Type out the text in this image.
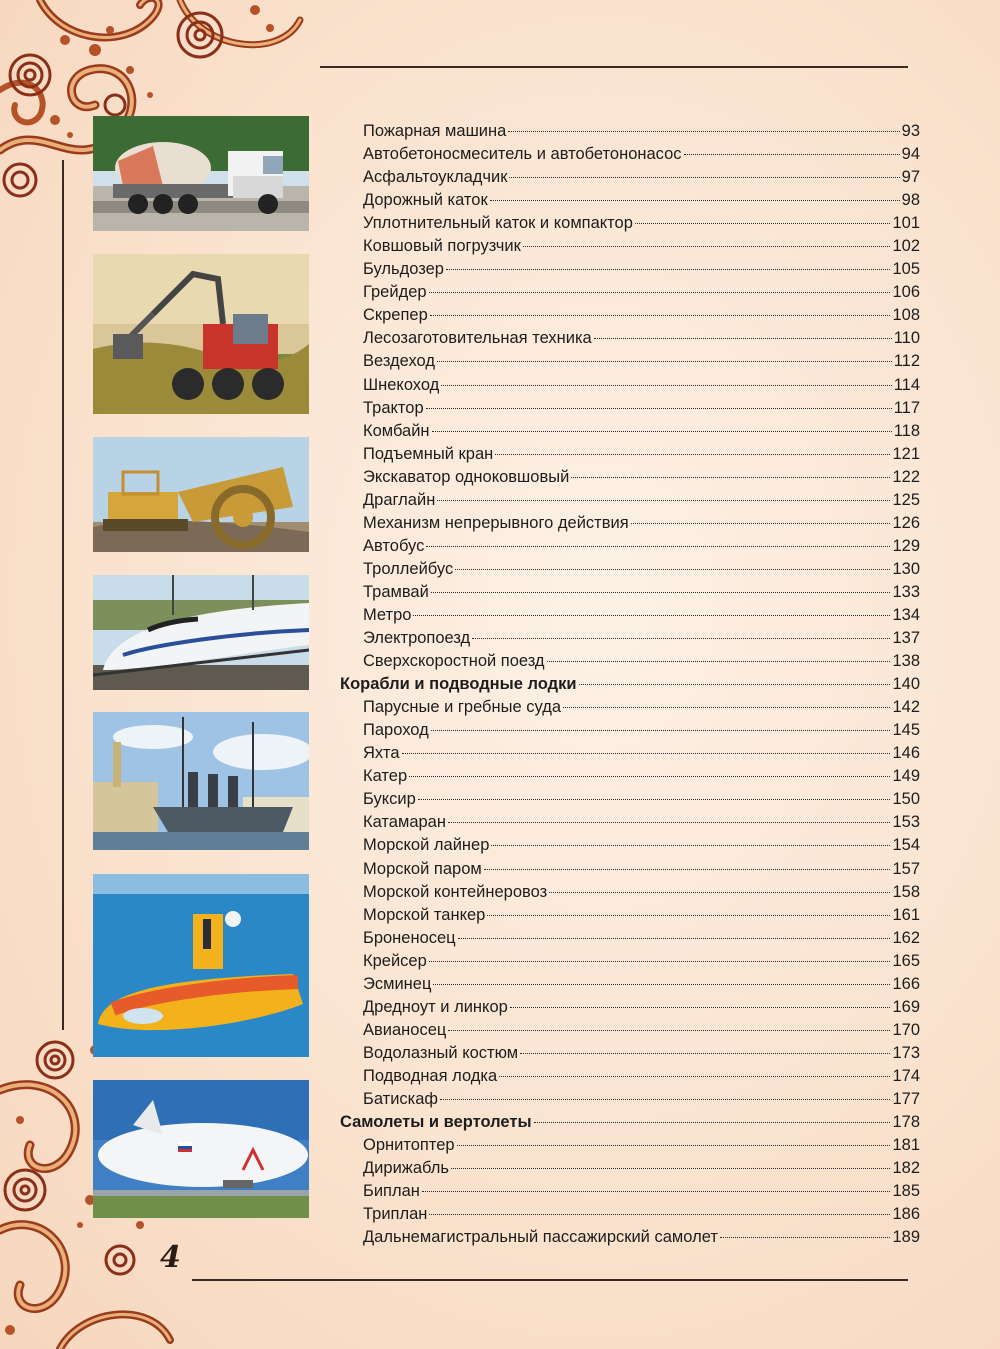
4
Пожарная машина	93
Автобетоносмеситель и автобетононасос	94
Асфальтоукладчик	97
Дорожный каток	98
Уплотнительный каток и компактор	101
Ковшовый погрузчик	102
Бульдозер	105
Грейдер	106
Скрепер	108
Лесозаготовительная техника	110
Вездеход	112
Шнекоход	114
Трактор	117
Комбайн	118
Подъемный кран	121
Экскаватор одноковшовый	122
Драглайн	125
Механизм непрерывного действия	126
Автобус	129
Троллейбус	130
Трамвай	133
Метро	134
Электропоезд	137
Сверхскоростной поезд	138
Корабли и подводные лодки	140
Парусные и гребные суда	142
Пароход	145
Яхта	146
Катер	149
Буксир	150
Катамаран	153
Морской лайнер	154
Морской паром	157
Морской контейнеровоз	158
Морской танкер	161
Броненосец	162
Крейсер	165
Эсминец	166
Дредноут и линкор	169
Авианосец	170
Водолазный костюм	173
Подводная лодка	174
Батискаф	177
Самолеты и вертолеты	178
Орнитоптер	181
Дирижабль	182
Биплан	185
Триплан	186
Дальнемагистральный пассажирский самолет	189
